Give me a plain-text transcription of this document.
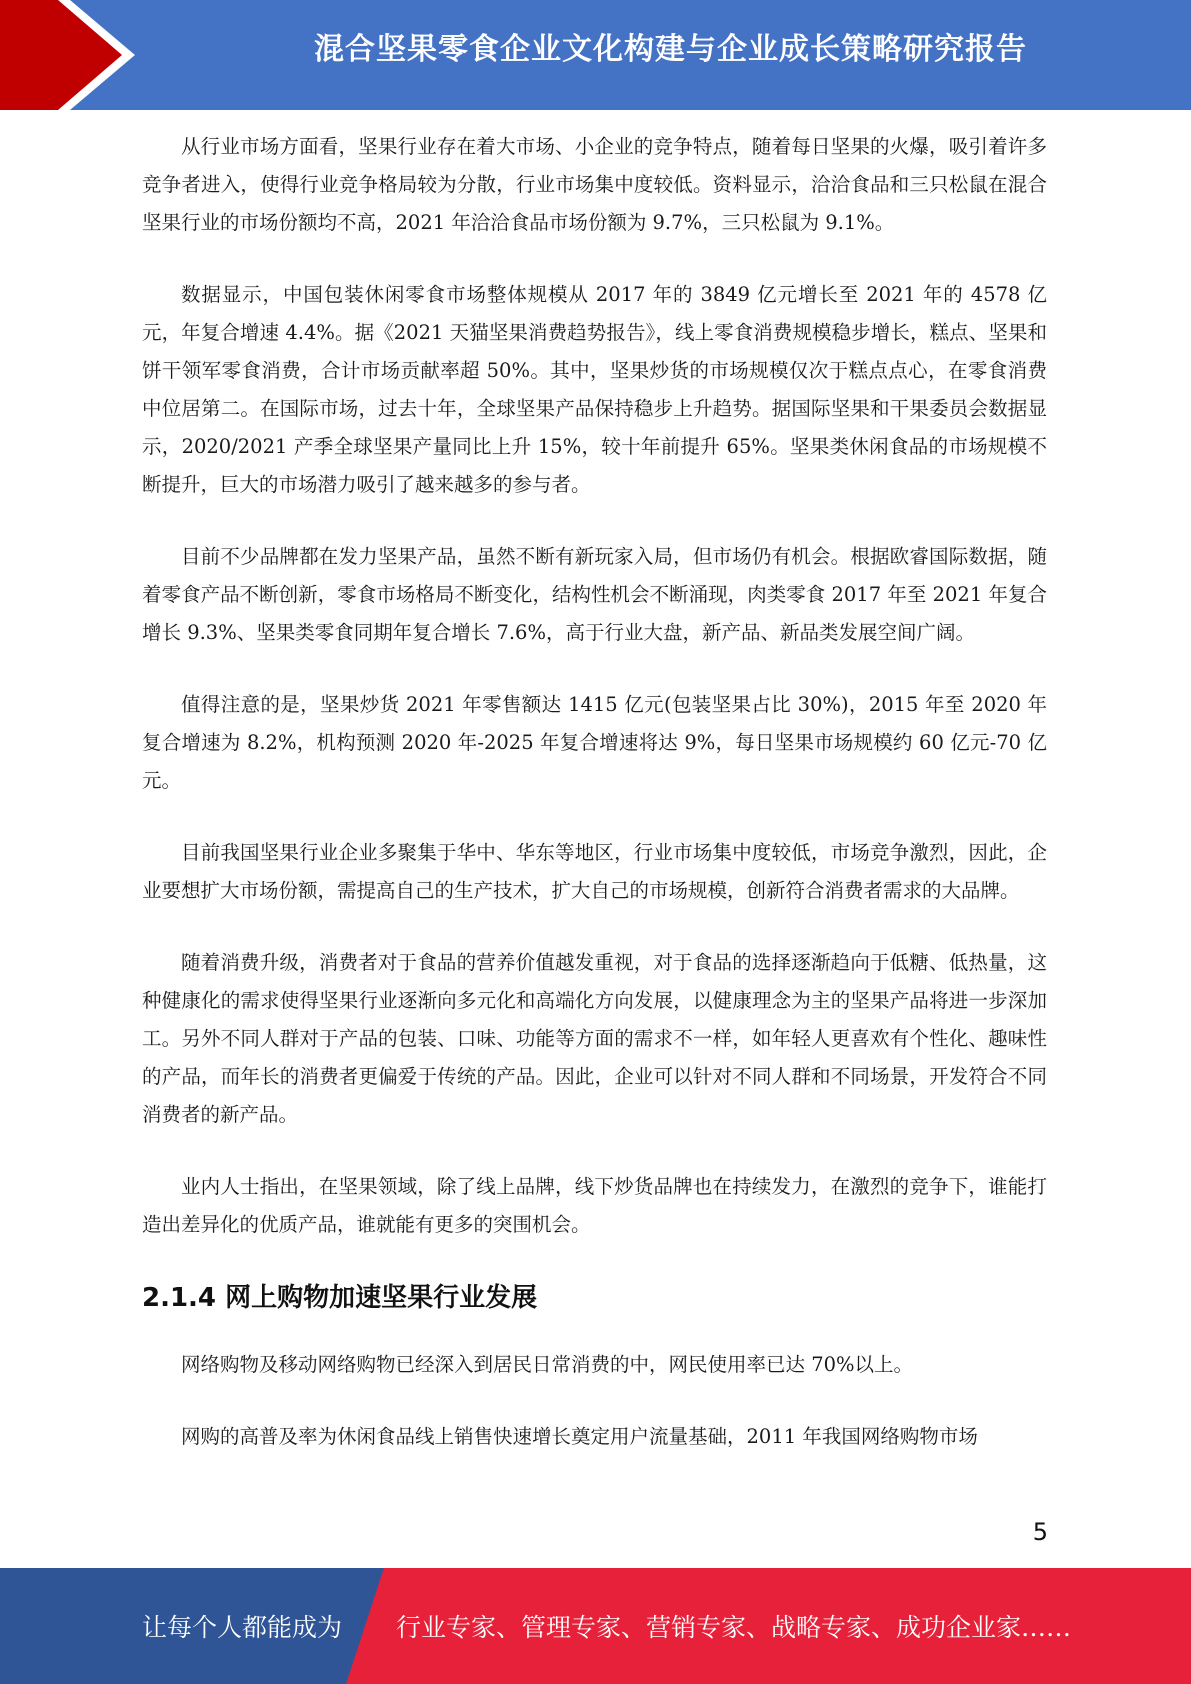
混合坚果零食企业文化构建与企业成长策略研究报告

从行业市场方面看，坚果行业存在着大市场、小企业的竞争特点，随着每日坚果的火爆，吸引着许多竞争者进入，使得行业竞争格局较为分散，行业市场集中度较低。资料显示，洽洽食品和三只松鼠在混合坚果行业的市场份额均不高，2021 年洽洽食品市场份额为 9.7%，三只松鼠为 9.1%。

数据显示，中国包装休闲零食市场整体规模从 2017 年的 3849 亿元增长至 2021 年的 4578 亿元，年复合增速 4.4%。据《2021 天猫坚果消费趋势报告》，线上零食消费规模稳步增长，糕点、坚果和饼干领军零食消费，合计市场贡献率超 50%。其中，坚果炒货的市场规模仅次于糕点点心，在零食消费中位居第二。在国际市场，过去十年，全球坚果产品保持稳步上升趋势。据国际坚果和干果委员会数据显示，2020/2021 产季全球坚果产量同比上升 15%，较十年前提升 65%。坚果类休闲食品的市场规模不断提升，巨大的市场潜力吸引了越来越多的参与者。

目前不少品牌都在发力坚果产品，虽然不断有新玩家入局，但市场仍有机会。根据欧睿国际数据，随着零食产品不断创新，零食市场格局不断变化，结构性机会不断涌现，肉类零食 2017 年至 2021 年复合增长 9.3%、坚果类零食同期年复合增长 7.6%，高于行业大盘，新产品、新品类发展空间广阔。

值得注意的是，坚果炒货 2021 年零售额达 1415 亿元(包装坚果占比 30%)，2015 年至 2020 年复合增速为 8.2%，机构预测 2020 年-2025 年复合增速将达 9%，每日坚果市场规模约 60 亿元-70 亿元。

目前我国坚果行业企业多聚集于华中、华东等地区，行业市场集中度较低，市场竞争激烈，因此，企业要想扩大市场份额，需提高自己的生产技术，扩大自己的市场规模，创新符合消费者需求的大品牌。

随着消费升级，消费者对于食品的营养价值越发重视，对于食品的选择逐渐趋向于低糖、低热量，这种健康化的需求使得坚果行业逐渐向多元化和高端化方向发展，以健康理念为主的坚果产品将进一步深加工。另外不同人群对于产品的包装、口味、功能等方面的需求不一样，如年轻人更喜欢有个性化、趣味性的产品，而年长的消费者更偏爱于传统的产品。因此，企业可以针对不同人群和不同场景，开发符合不同消费者的新产品。

业内人士指出，在坚果领域，除了线上品牌，线下炒货品牌也在持续发力，在激烈的竞争下，谁能打造出差异化的优质产品，谁就能有更多的突围机会。

2.1.4 网上购物加速坚果行业发展

网络购物及移动网络购物已经深入到居民日常消费的中，网民使用率已达 70%以上。

网购的高普及率为休闲食品线上销售快速增长奠定用户流量基础，2011 年我国网络购物市场

5
让每个人都能成为 行业专家、管理专家、营销专家、战略专家、成功企业家……
